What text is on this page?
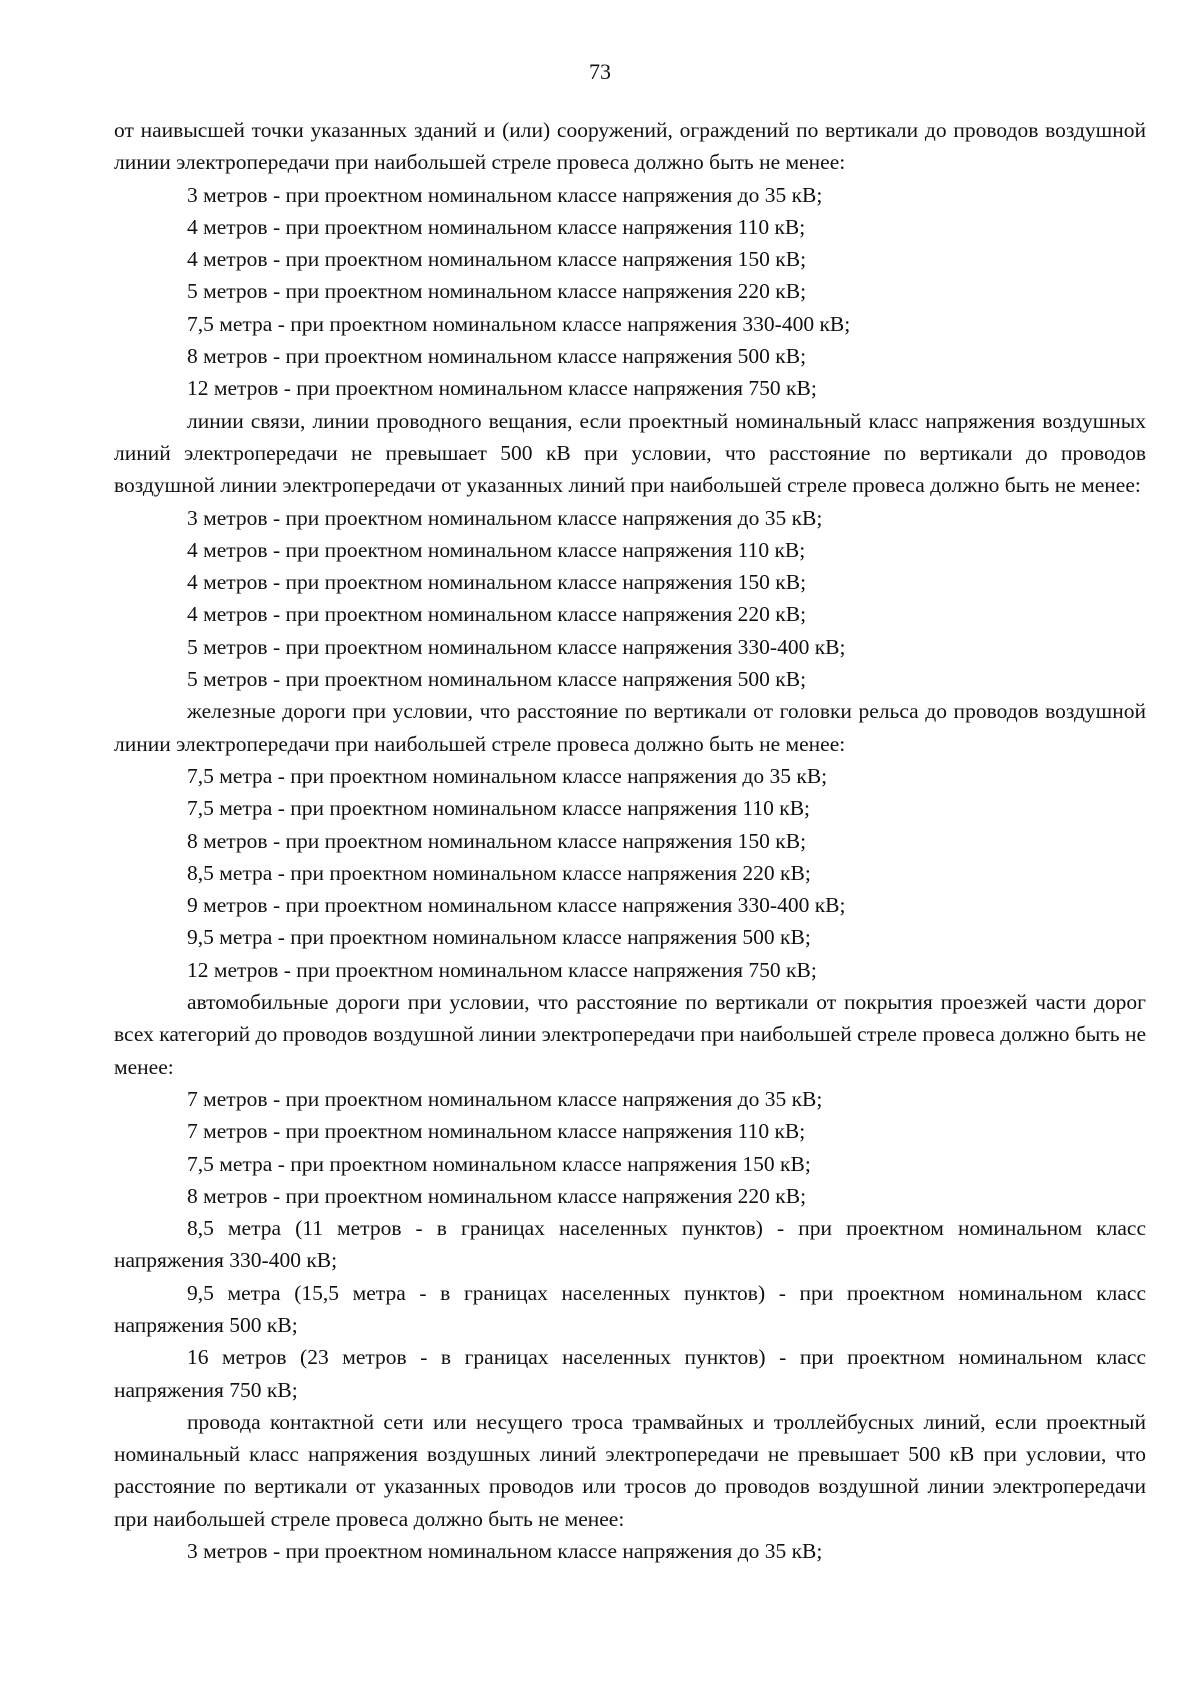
73

от наивысшей точки указанных зданий и (или) сооружений, ограждений по вертикали до проводов воздушной линии электропередачи при наибольшей стреле провеса должно быть не менее:

3 метров - при проектном номинальном классе напряжения до 35 кВ;

4 метров - при проектном номинальном классе напряжения 110 кВ;

4 метров - при проектном номинальном классе напряжения 150 кВ;

5 метров - при проектном номинальном классе напряжения 220 кВ;

7,5 метра - при проектном номинальном классе напряжения 330-400 кВ;

8 метров - при проектном номинальном классе напряжения 500 кВ;

12 метров - при проектном номинальном классе напряжения 750 кВ;

линии связи, линии проводного вещания, если проектный номинальный класс напряжения воздушных линий электропередачи не превышает 500 кВ при условии, что расстояние по вертикали до проводов воздушной линии электропередачи от указанных линий при наибольшей стреле провеса должно быть не менее:

3 метров - при проектном номинальном классе напряжения до 35 кВ;

4 метров - при проектном номинальном классе напряжения 110 кВ;

4 метров - при проектном номинальном классе напряжения 150 кВ;

4 метров - при проектном номинальном классе напряжения 220 кВ;

5 метров - при проектном номинальном классе напряжения 330-400 кВ;

5 метров - при проектном номинальном классе напряжения 500 кВ;

железные дороги при условии, что расстояние по вертикали от головки рельса до проводов воздушной линии электропередачи при наибольшей стреле провеса должно быть не менее:

7,5 метра - при проектном номинальном классе напряжения до 35 кВ;

7,5 метра - при проектном номинальном классе напряжения 110 кВ;

8 метров - при проектном номинальном классе напряжения 150 кВ;

8,5 метра - при проектном номинальном классе напряжения 220 кВ;

9 метров - при проектном номинальном классе напряжения 330-400 кВ;

9,5 метра - при проектном номинальном классе напряжения 500 кВ;

12 метров - при проектном номинальном классе напряжения 750 кВ;

автомобильные дороги при условии, что расстояние по вертикали от покрытия проезжей части дорог всех категорий до проводов воздушной линии электропередачи при наибольшей стреле провеса должно быть не менее:

7 метров - при проектном номинальном классе напряжения до 35 кВ;

7 метров - при проектном номинальном классе напряжения 110 кВ;

7,5 метра - при проектном номинальном классе напряжения 150 кВ;

8 метров - при проектном номинальном классе напряжения 220 кВ;

8,5 метра (11 метров - в границах населенных пунктов) - при проектном номинальном класс напряжения 330-400 кВ;

9,5 метра (15,5 метра - в границах населенных пунктов) - при проектном номинальном класс напряжения 500 кВ;

16 метров (23 метров - в границах населенных пунктов) - при проектном номинальном класс напряжения 750 кВ;

провода контактной сети или несущего троса трамвайных и троллейбусных линий, если проектный номинальный класс напряжения воздушных линий электропередачи не превышает 500 кВ при условии, что расстояние по вертикали от указанных проводов или тросов до проводов воздушной линии электропередачи при наибольшей стреле провеса должно быть не менее:

3 метров - при проектном номинальном классе напряжения до 35 кВ;
